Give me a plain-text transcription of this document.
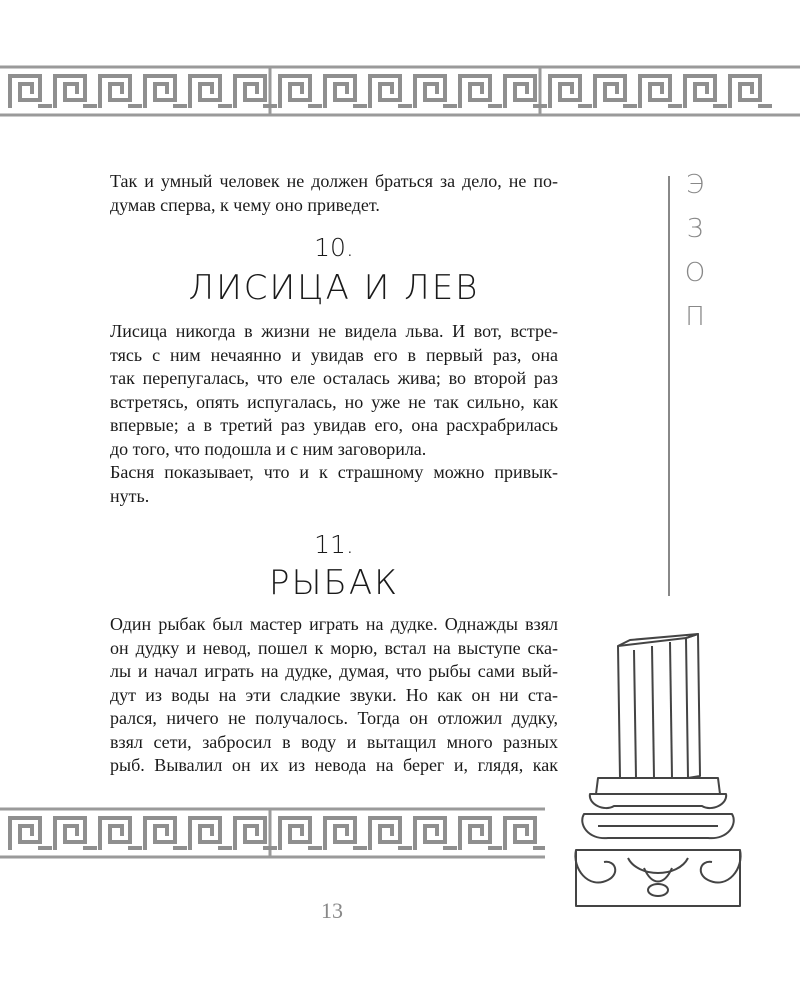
Так и умный человек не должен браться за дело, не по-
думав сперва, к чему оно приведет.

10.
ЛИСИЦА И ЛЕВ

Лисица никогда в жизни не видела льва. И вот, встре-
тясь с ним нечаянно и увидав его в первый раз, она
так перепугалась, что еле осталась жива; во второй раз
встретясь, опять испугалась, но уже не так сильно, как
впервые; а в третий раз увидав его, она расхрабрилась
до того, что подошла и с ним заговорила.
Басня показывает, что и к страшному можно привык-
нуть.

11.
РЫБАК

Один рыбак был мастер играть на дудке. Однажды взял
он дудку и невод, пошел к морю, встал на выступе ска-
лы и начал играть на дудке, думая, что рыбы сами вый-
дут из воды на эти сладкие звуки. Но как он ни ста-
рался, ничего не получалось. Тогда он отложил дудку,
взял сети, забросил в воду и вытащил много разных
рыб. Вывалил он их из невода на берег и, глядя, как

Э
З
О
П
13
